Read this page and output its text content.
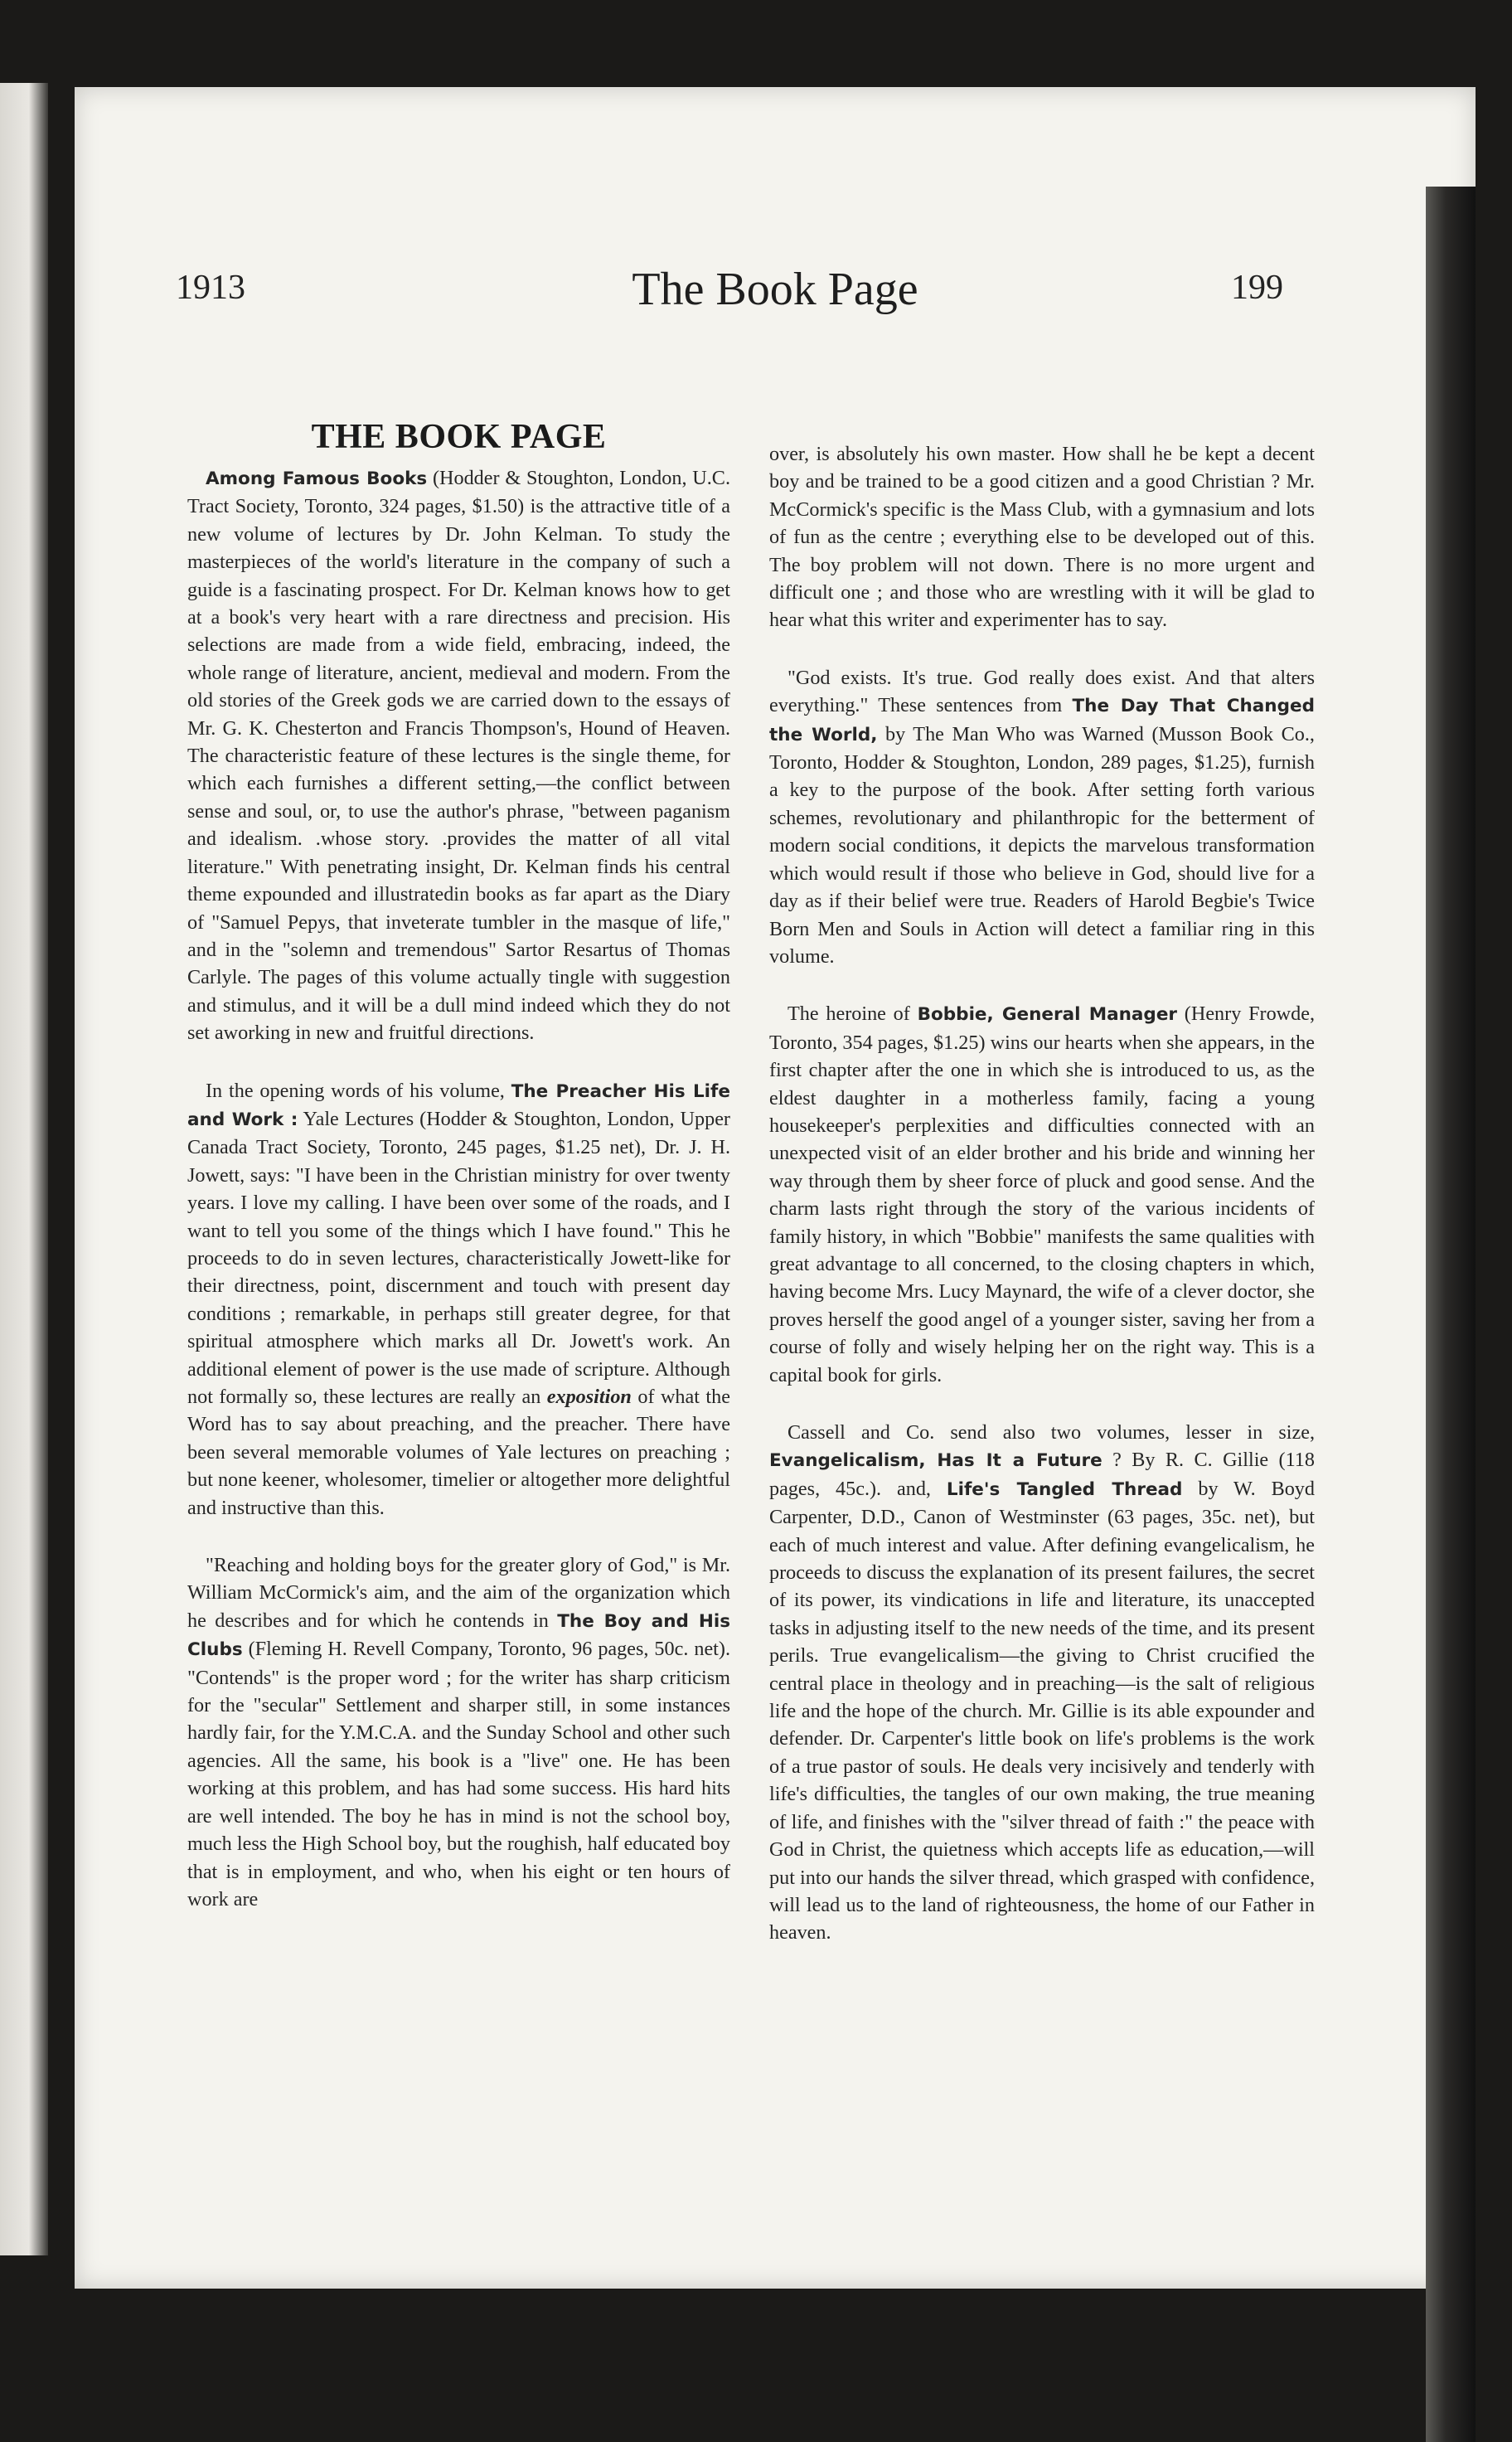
1913	The Book Page	199
THE BOOK PAGE

Among Famous Books (Hodder & Stoughton, London, U.C. Tract Society, Toronto, 324 pages, $1.50) is the attractive title of a new volume of lectures by Dr. John Kelman. To study the masterpieces of the world's literature in the company of such a guide is a fascinating prospect. For Dr. Kelman knows how to get at a book's very heart with a rare directness and precision. His selections are made from a wide field, embracing, indeed, the whole range of literature, ancient, medieval and modern. From the old stories of the Greek gods we are carried down to the essays of Mr. G. K. Chesterton and Francis Thompson's, Hound of Heaven. The characteristic feature of these lectures is the single theme, for which each furnishes a different setting,—the conflict between sense and soul, or, to use the author's phrase, "between paganism and idealism. .whose story. .provides the matter of all vital literature." With penetrating insight, Dr. Kelman finds his central theme expounded and illustratedin books as far apart as the Diary of "Samuel Pepys, that inveterate tumbler in the masque of life," and in the "solemn and tremendous" Sartor Resartus of Thomas Carlyle. The pages of this volume actually tingle with suggestion and stimulus, and it will be a dull mind indeed which they do not set aworking in new and fruitful directions.

In the opening words of his volume, The Preacher His Life and Work : Yale Lectures (Hodder & Stoughton, London, Upper Canada Tract Society, Toronto, 245 pages, $1.25 net), Dr. J. H. Jowett, says: "I have been in the Christian ministry for over twenty years. I love my calling. I have been over some of the roads, and I want to tell you some of the things which I have found." This he proceeds to do in seven lectures, characteristically Jowett-like for their directness, point, discernment and touch with present day conditions ; remarkable, in perhaps still greater degree, for that spiritual atmosphere which marks all Dr. Jowett's work. An additional element of power is the use made of scripture. Although not formally so, these lectures are really an exposition of what the Word has to say about preaching, and the preacher. There have been several memorable volumes of Yale lectures on preaching ; but none keener, wholesomer, timelier or altogether more delightful and instructive than this.

"Reaching and holding boys for the greater glory of God," is Mr. William McCormick's aim, and the aim of the organization which he describes and for which he contends in The Boy and His Clubs (Fleming H. Revell Company, Toronto, 96 pages, 50c. net). "Contends" is the proper word ; for the writer has sharp criticism for the "secular" Settlement and sharper still, in some instances hardly fair, for the Y.M.C.A. and the Sunday School and other such agencies. All the same, his book is a "live" one. He has been working at this problem, and has had some success. His hard hits are well intended. The boy he has in mind is not the school boy, much less the High School boy, but the roughish, half educated boy that is in employment, and who, when his eight or ten hours of work are

over, is absolutely his own master. How shall he be kept a decent boy and be trained to be a good citizen and a good Christian ? Mr. McCormick's specific is the Mass Club, with a gymnasium and lots of fun as the centre ; everything else to be developed out of this. The boy problem will not down. There is no more urgent and difficult one ; and those who are wrestling with it will be glad to hear what this writer and experimenter has to say.

"God exists. It's true. God really does exist. And that alters everything." These sentences from The Day That Changed the World, by The Man Who was Warned (Musson Book Co., Toronto, Hodder & Stoughton, London, 289 pages, $1.25), furnish a key to the purpose of the book. After setting forth various schemes, revolutionary and philanthropic for the betterment of modern social conditions, it depicts the marvelous transformation which would result if those who believe in God, should live for a day as if their belief were true. Readers of Harold Begbie's Twice Born Men and Souls in Action will detect a familiar ring in this volume.

The heroine of Bobbie, General Manager (Henry Frowde, Toronto, 354 pages, $1.25) wins our hearts when she appears, in the first chapter after the one in which she is introduced to us, as the eldest daughter in a motherless family, facing a young housekeeper's perplexities and difficulties connected with an unexpected visit of an elder brother and his bride and winning her way through them by sheer force of pluck and good sense. And the charm lasts right through the story of the various incidents of family history, in which "Bobbie" manifests the same qualities with great advantage to all concerned, to the closing chapters in which, having become Mrs. Lucy Maynard, the wife of a clever doctor, she proves herself the good angel of a younger sister, saving her from a course of folly and wisely helping her on the right way. This is a capital book for girls.

Cassell and Co. send also two volumes, lesser in size, Evangelicalism, Has It a Future ? By R. C. Gillie (118 pages, 45c.). and, Life's Tangled Thread by W. Boyd Carpenter, D.D., Canon of Westminster (63 pages, 35c. net), but each of much interest and value. After defining evangelicalism, he proceeds to discuss the explanation of its present failures, the secret of its power, its vindications in life and literature, its unaccepted tasks in adjusting itself to the new needs of the time, and its present perils. True evangelicalism—the giving to Christ crucified the central place in theology and in preaching—is the salt of religious life and the hope of the church. Mr. Gillie is its able expounder and defender. Dr. Carpenter's little book on life's problems is the work of a true pastor of souls. He deals very incisively and tenderly with life's difficulties, the tangles of our own making, the true meaning of life, and finishes with the "silver thread of faith :" the peace with God in Christ, the quietness which accepts life as education,—will put into our hands the silver thread, which grasped with confidence, will lead us to the land of righteousness, the home of our Father in heaven.
